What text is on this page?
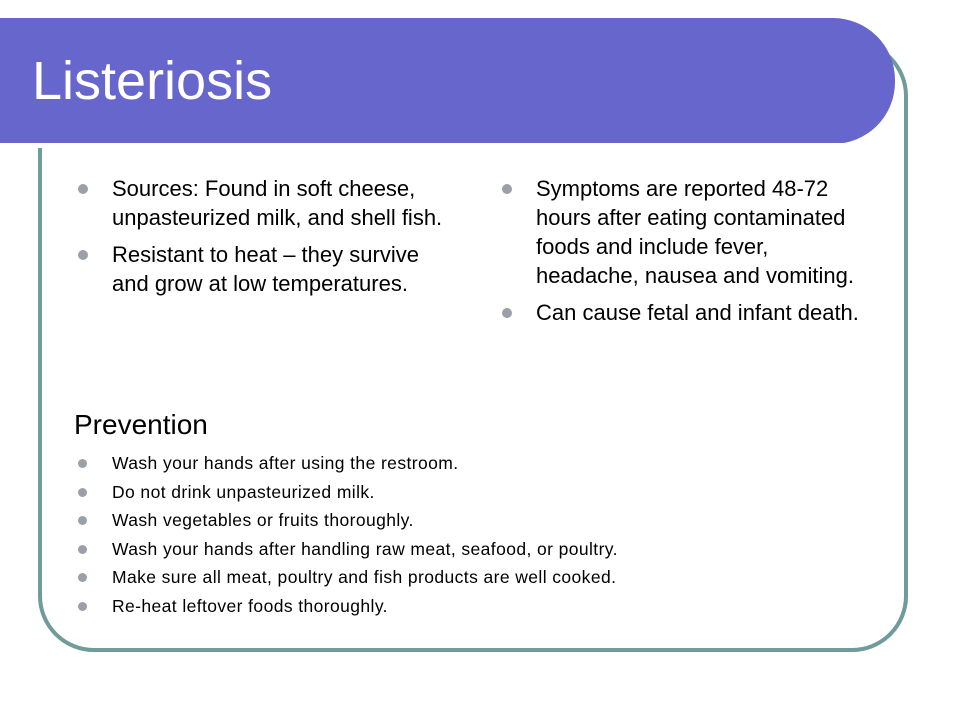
Listeriosis
Sources: Found in soft cheese, unpasteurized milk, and shell fish.
Resistant to heat – they survive and grow at low temperatures.
Symptoms are reported 48-72 hours after eating contaminated foods and include fever, headache, nausea and vomiting.
Can cause fetal and infant death.
Prevention
Wash your hands after using the restroom.
Do not drink unpasteurized milk.
Wash vegetables or fruits thoroughly.
Wash your hands after handling raw meat, seafood, or poultry.
Make sure all meat, poultry and fish products are well cooked.
Re-heat leftover foods thoroughly.
